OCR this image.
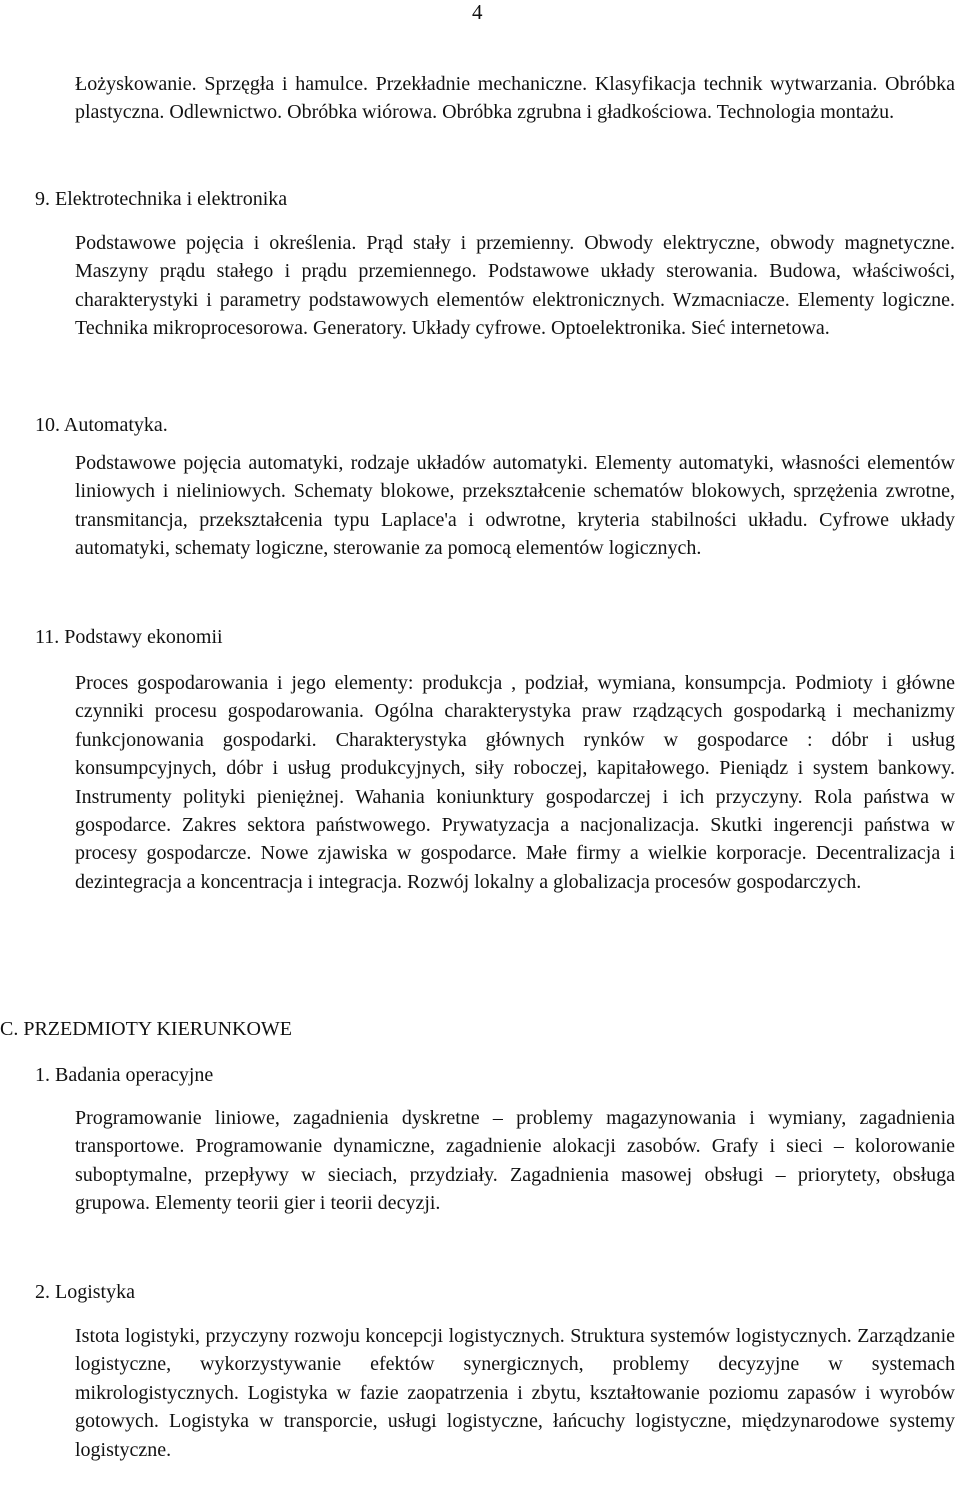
4

Łożyskowanie. Sprzęgła i hamulce. Przekładnie mechaniczne. Klasyfikacja technik wytwarzania. Obróbka plastyczna. Odlewnictwo. Obróbka wiórowa. Obróbka zgrubna i gładkościowa. Technologia montażu.

9. Elektrotechnika i elektronika

Podstawowe pojęcia i określenia. Prąd stały i przemienny. Obwody elektryczne, obwody magnetyczne. Maszyny prądu stałego i prądu przemiennego. Podstawowe układy sterowania. Budowa, właściwości, charakterystyki i parametry podstawowych elementów elektronicznych. Wzmacniacze. Elementy logiczne. Technika mikroprocesorowa. Generatory. Układy cyfrowe. Optoelektronika. Sieć internetowa.

10. Automatyka.

Podstawowe pojęcia automatyki, rodzaje układów automatyki. Elementy automatyki, własności elementów liniowych i nieliniowych. Schematy blokowe, przekształcenie schematów blokowych, sprzężenia zwrotne, transmitancja, przekształcenia typu Laplace'a i odwrotne, kryteria stabilności układu. Cyfrowe układy automatyki, schematy logiczne, sterowanie za pomocą elementów logicznych.

11. Podstawy ekonomii

Proces gospodarowania i jego elementy: produkcja , podział, wymiana, konsumpcja. Podmioty i główne czynniki procesu gospodarowania. Ogólna charakterystyka praw rządzących gospodarką i mechanizmy funkcjonowania gospodarki. Charakterystyka głównych rynków w gospodarce : dóbr i usług konsumpcyjnych, dóbr i usług produkcyjnych, siły roboczej, kapitałowego. Pieniądz i system bankowy. Instrumenty polityki pieniężnej. Wahania koniunktury gospodarczej i ich przyczyny. Rola państwa w gospodarce. Zakres sektora państwowego. Prywatyzacja a nacjonalizacja. Skutki ingerencji państwa w procesy gospodarcze. Nowe zjawiska w gospodarce. Małe firmy a wielkie korporacje. Decentralizacja i dezintegracja a koncentracja i integracja. Rozwój lokalny a globalizacja procesów gospodarczych.

C. PRZEDMIOTY KIERUNKOWE
1. Badania operacyjne

Programowanie liniowe, zagadnienia dyskretne – problemy magazynowania i wymiany, zagadnienia transportowe. Programowanie dynamiczne, zagadnienie alokacji zasobów. Grafy i sieci – kolorowanie suboptymalne, przepływy w sieciach, przydziały. Zagadnienia masowej obsługi – priorytety, obsługa grupowa. Elementy teorii gier i teorii decyzji.

2. Logistyka

Istota logistyki, przyczyny rozwoju koncepcji logistycznych. Struktura systemów logistycznych. Zarządzanie logistyczne, wykorzystywanie efektów synergicznych, problemy decyzyjne w systemach mikrologistycznych. Logistyka w fazie zaopatrzenia i zbytu, kształtowanie poziomu zapasów i wyrobów gotowych. Logistyka w transporcie, usługi logistyczne, łańcuchy logistyczne, międzynarodowe systemy logistyczne.
